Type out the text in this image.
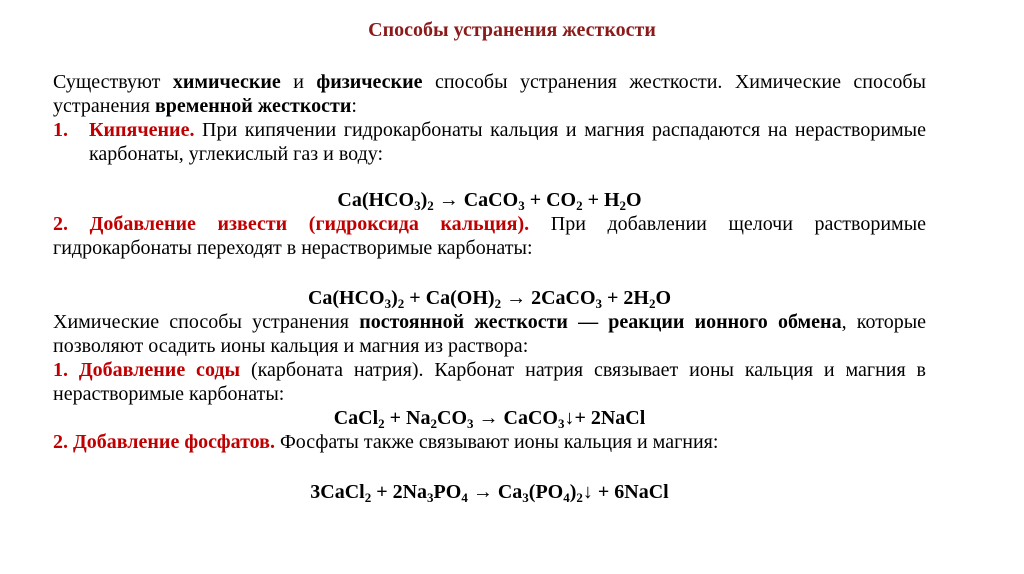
Способы устранения жесткости

Существуют химические и физические способы устранения жесткости. Химические способы устранения временной жесткости:

1.	Кипячение. При кипячении гидрокарбонаты кальция и магния распадаются на нерастворимые карбонаты, углекислый газ и воду:

$Ca(HCO_3)_2$ → CaCO$_3$ + $CO_2 + H_2O$

2. Добавление извести (гидроксида кальция). При добавлении щелочи растворимые гидрокарбонаты переходят в нерастворимые карбонаты:

$Ca(HCO_3)_2 + Ca(OH)_2$ → 2CaCO$_3$ + $2H_2O$

Химические способы устранения постоянной жесткости — реакции ионного обмена, которые позволяют осадить ионы кальция и магния из раствора:

1. Добавление соды (карбоната натрия). Карбонат натрия связывает ионы кальция и магния в нерастворимые карбонаты:

CaCl$_2$ + $Na_2CO_3$ → CaCO$_3$↓+ 2NaCl

2. Добавление фосфатов. Фосфаты также связывают ионы кальция и магния:

3CaCl$_2$ + $2Na_3PO_4$ → $Ca_3(PO_4)_2↓$ + 6NaCl
